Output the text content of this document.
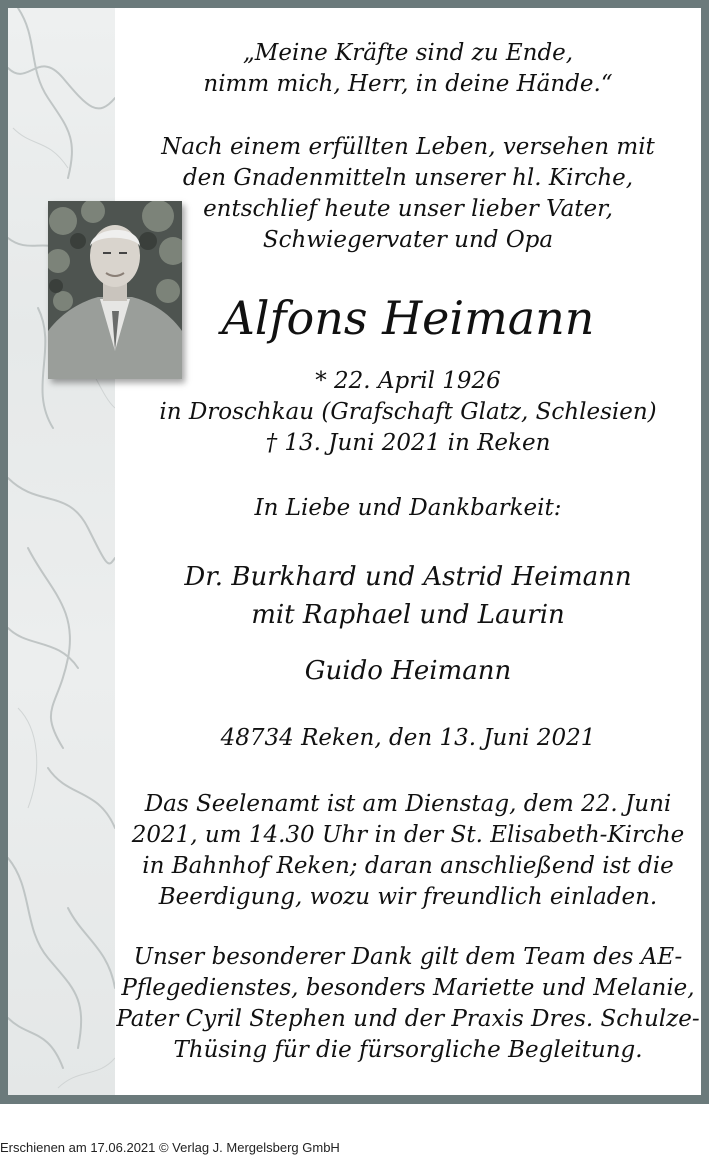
„Meine Kräfte sind zu Ende,
nimm mich, Herr, in deine Hände.“
Nach einem erfüllten Leben, versehen mit
den Gnadenmitteln unserer hl. Kirche,
entschlief heute unser lieber Vater,
Schwiegervater und Opa
Alfons Heimann
* 22. April 1926
in Droschkau (Grafschaft Glatz, Schlesien)
† 13. Juni 2021 in Reken
In Liebe und Dankbarkeit:
Dr. Burkhard und Astrid Heimann
mit Raphael und Laurin
Guido Heimann
48734 Reken, den 13. Juni 2021
Das Seelenamt ist am Dienstag, dem 22. Juni
2021, um 14.30 Uhr in der St. Elisabeth-Kirche
in Bahnhof Reken; daran anschließend ist die
Beerdigung, wozu wir freundlich einladen.
Unser besonderer Dank gilt dem Team des AE-
Pflegedienstes, besonders Mariette und Melanie,
Pater Cyril Stephen und der Praxis Dres. Schulze-
Thüsing für die fürsorgliche Begleitung.
Erschienen am 17.06.2021 © Verlag J. Mergelsberg GmbH
